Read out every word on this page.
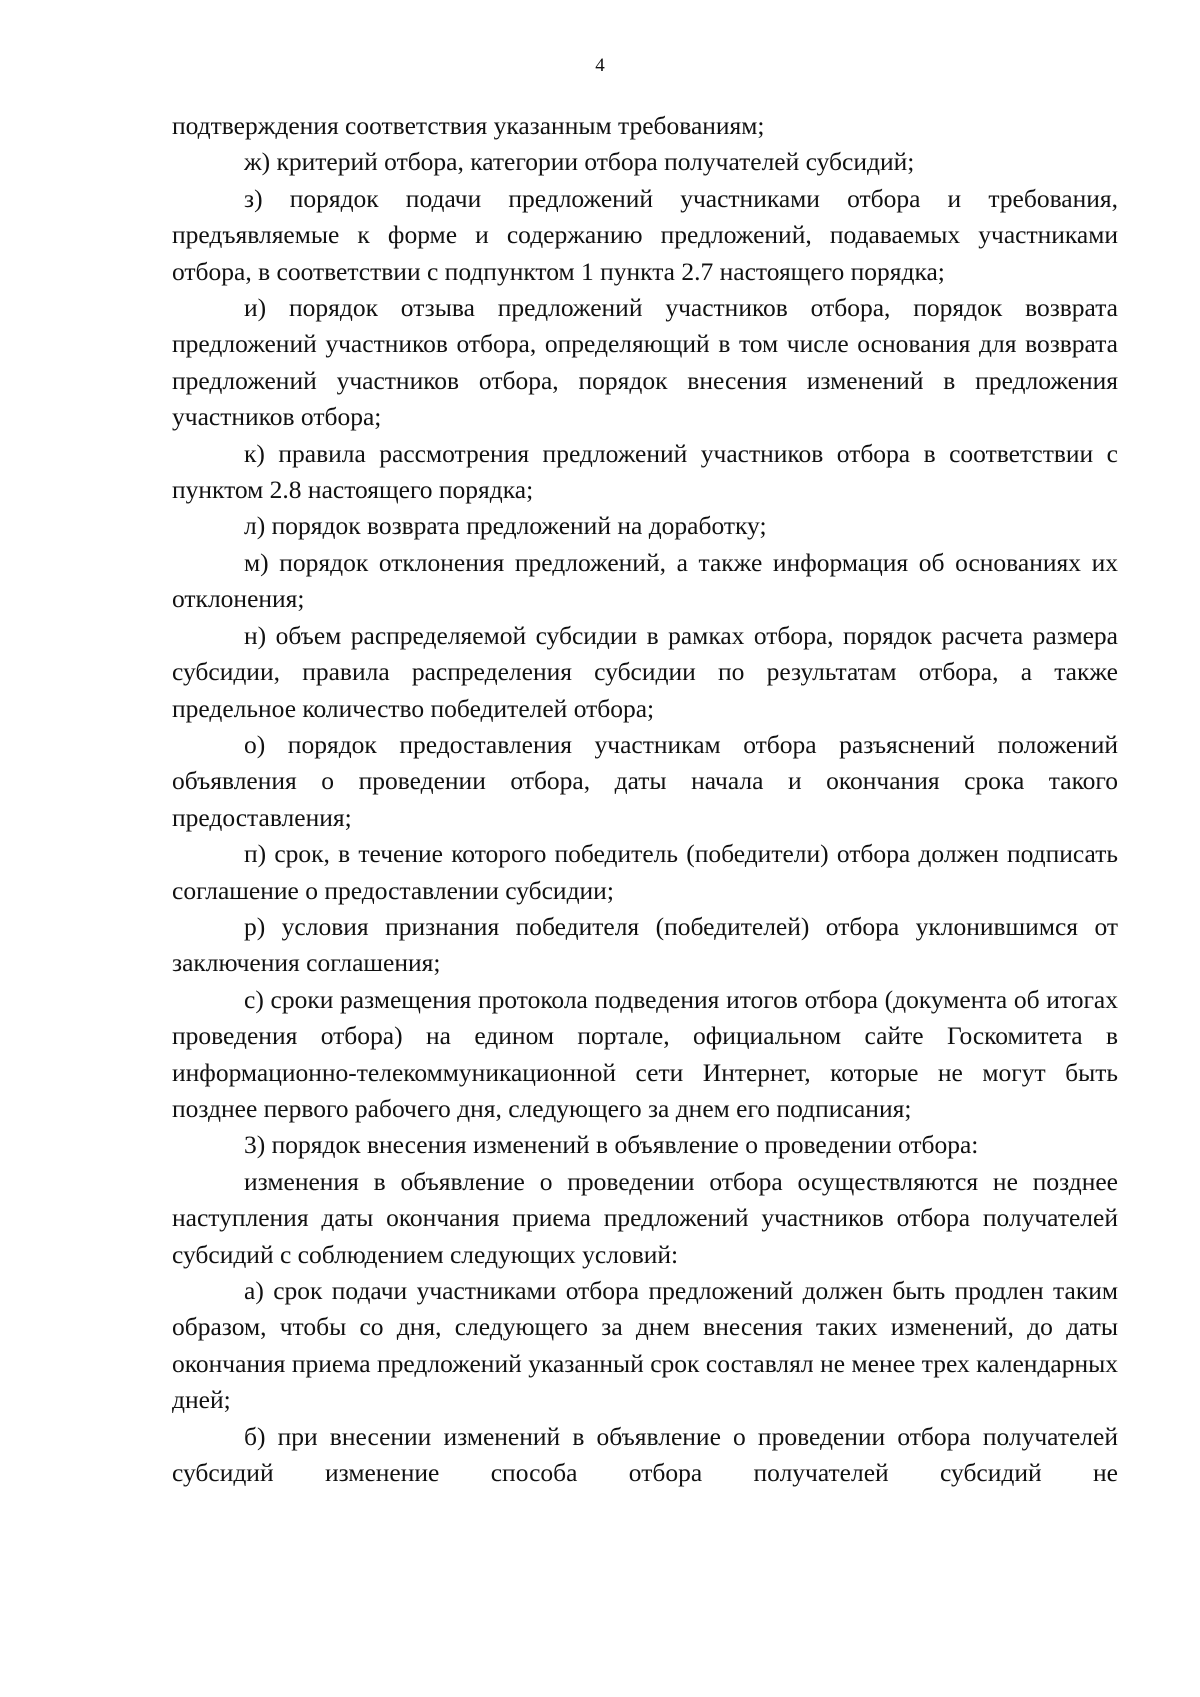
4

подтверждения соответствия указанным требованиям;

ж) критерий отбора, категории отбора получателей субсидий;

з) порядок подачи предложений участниками отбора и требования, предъявляемые к форме и содержанию предложений, подаваемых участниками отбора, в соответствии с подпунктом 1 пункта 2.7 настоящего порядка;

и) порядок отзыва предложений участников отбора, порядок возврата предложений участников отбора, определяющий в том числе основания для возврата предложений участников отбора, порядок внесения изменений в предложения участников отбора;

к) правила рассмотрения предложений участников отбора в соответствии с пунктом 2.8 настоящего порядка;

л) порядок возврата предложений на доработку;

м) порядок отклонения предложений, а также информация об основаниях их отклонения;

н) объем распределяемой субсидии в рамках отбора, порядок расчета размера субсидии, правила распределения субсидии по результатам отбора, а также предельное количество победителей отбора;

о) порядок предоставления участникам отбора разъяснений положений объявления о проведении отбора, даты начала и окончания срока такого предоставления;

п) срок, в течение которого победитель (победители) отбора должен подписать соглашение о предоставлении субсидии;

р) условия признания победителя (победителей) отбора уклонившимся от заключения соглашения;

с) сроки размещения протокола подведения итогов отбора (документа об итогах проведения отбора) на едином портале, официальном сайте Госкомитета в информационно-телекоммуникационной сети Интернет, которые не могут быть позднее первого рабочего дня, следующего за днем его подписания;

3) порядок внесения изменений в объявление о проведении отбора:

изменения в объявление о проведении отбора осуществляются не позднее наступления даты окончания приема предложений участников отбора получателей субсидий с соблюдением следующих условий:

а) срок подачи участниками отбора предложений должен быть продлен таким образом, чтобы со дня, следующего за днем внесения таких изменений, до даты окончания приема предложений указанный срок составлял не менее трех календарных дней;

б) при внесении изменений в объявление о проведении отбора получателей субсидий изменение способа отбора получателей субсидий не
